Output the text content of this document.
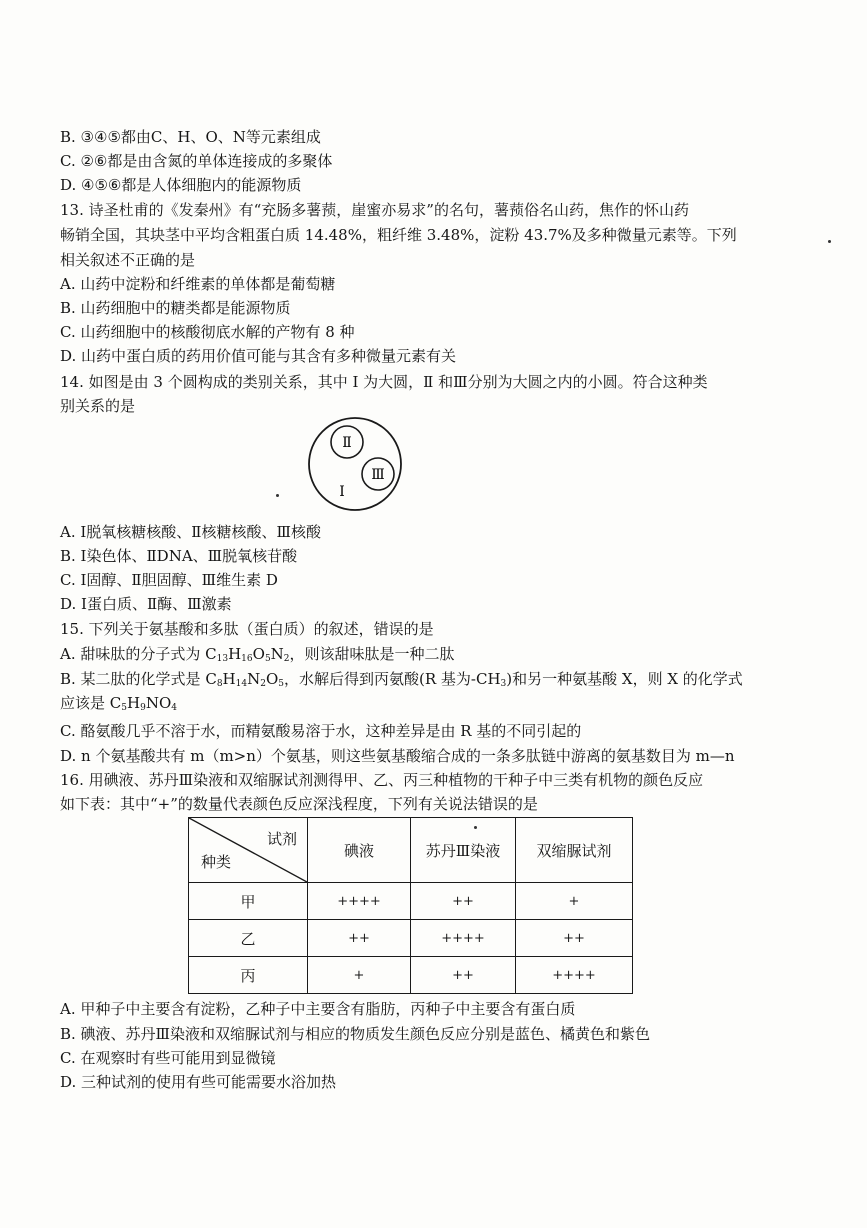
B. ③④⑤都由C、H、O、N等元素组成
C. ②⑥都是由含氮的单体连接成的多聚体
D. ④⑤⑥都是人体细胞内的能源物质
13. 诗圣杜甫的《发秦州》有“充肠多薯蓣，崖蜜亦易求”的名句，薯蓣俗名山药，焦作的怀山药
畅销全国，其块茎中平均含粗蛋白质 14.48%，粗纤维 3.48%，淀粉 43.7%及多种微量元素等。下列
相关叙述不正确的是
A. 山药中淀粉和纤维素的单体都是葡萄糖
B. 山药细胞中的糖类都是能源物质
C. 山药细胞中的核酸彻底水解的产物有 8 种
D. 山药中蛋白质的药用价值可能与其含有多种微量元素有关
14. 如图是由 3 个圆构成的类别关系，其中 Ⅰ 为大圆，Ⅱ 和Ⅲ分别为大圆之内的小圆。符合这种类
别关系的是
Ⅱ
Ⅲ
Ⅰ
A. Ⅰ脱氧核糖核酸、Ⅱ核糖核酸、Ⅲ核酸
B. Ⅰ染色体、ⅡDNA、Ⅲ脱氧核苷酸
C. Ⅰ固醇、Ⅱ胆固醇、Ⅲ维生素 D
D. Ⅰ蛋白质、Ⅱ酶、Ⅲ激素
15. 下列关于氨基酸和多肽（蛋白质）的叙述，错误的是
A. 甜味肽的分子式为 $C_{13}H_{16}O_5N_2$，则该甜味肽是一种二肽
B. 某二肽的化学式是 $C_8H_{14}N_2O_5$，水解后得到丙氨酸(R 基为$-CH_3$)和另一种氨基酸 X，则 X 的化学式
应该是 $C_5H_9NO_4$
C. 酪氨酸几乎不溶于水，而精氨酸易溶于水，这种差异是由 R 基的不同引起的
D. n 个氨基酸共有 m（m>n）个氨基，则这些氨基酸缩合成的一条多肽链中游离的氨基数目为 m—n
16. 用碘液、苏丹Ⅲ染液和双缩脲试剂测得甲、乙、丙三种植物的干种子中三类有机物的颜色反应
如下表：其中“+”的数量代表颜色反应深浅程度，下列有关说法错误的是
试剂
种类	碘液	苏丹Ⅲ染液	双缩脲试剂
甲	++++	++	+
乙	++	++++	++
丙	+	++	++++
A. 甲种子中主要含有淀粉，乙种子中主要含有脂肪，丙种子中主要含有蛋白质
B. 碘液、苏丹Ⅲ染液和双缩脲试剂与相应的物质发生颜色反应分别是蓝色、橘黄色和紫色
C. 在观察时有些可能用到显微镜
D. 三种试剂的使用有些可能需要水浴加热
